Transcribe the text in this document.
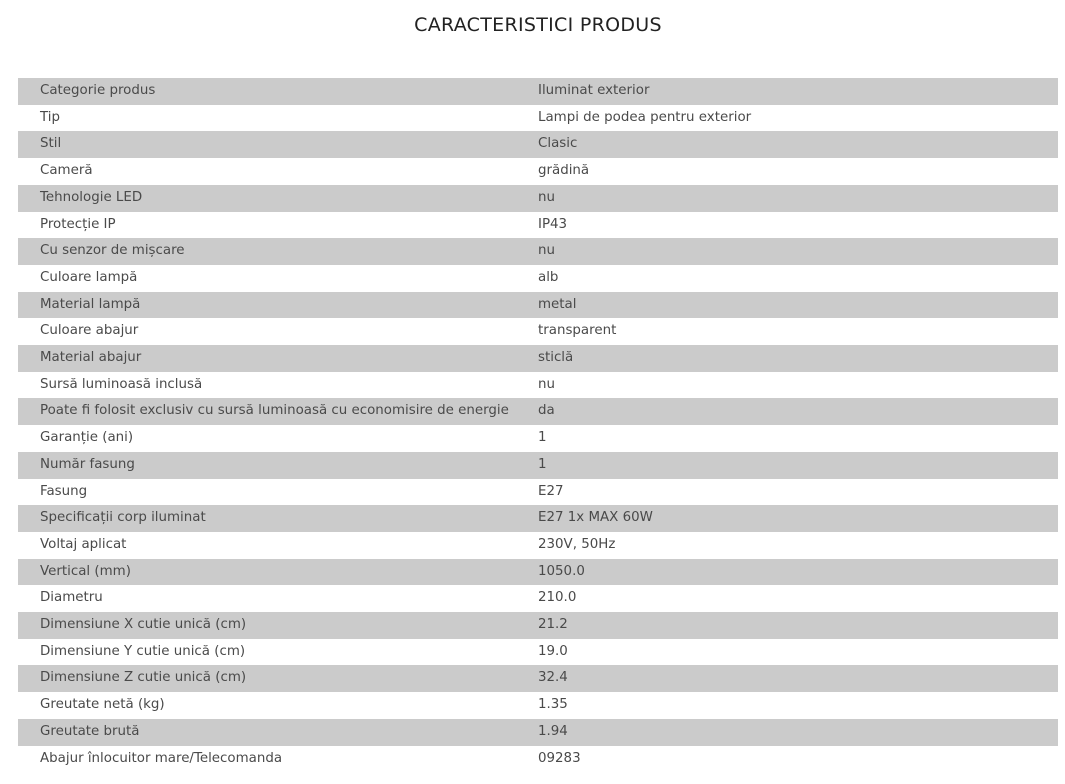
CARACTERISTICI PRODUS
Categorie produs	Iluminat exterior
Tip	Lampi de podea pentru exterior
Stil	Clasic
Cameră	grădină
Tehnologie LED	nu
Protecție IP	IP43
Cu senzor de mișcare	nu
Culoare lampă	alb
Material lampă	metal
Culoare abajur	transparent
Material abajur	sticlă
Sursă luminoasă inclusă	nu
Poate fi folosit exclusiv cu sursă luminoasă cu economisire de energie	da
Garanție (ani)	1
Număr fasung	1
Fasung	E27
Specificații corp iluminat	E27 1x MAX 60W
Voltaj aplicat	230V, 50Hz
Vertical (mm)	1050.0
Diametru	210.0
Dimensiune X cutie unică (cm)	21.2
Dimensiune Y cutie unică (cm)	19.0
Dimensiune Z cutie unică (cm)	32.4
Greutate netă (kg)	1.35
Greutate brută	1.94
Abajur înlocuitor mare/Telecomanda	09283
